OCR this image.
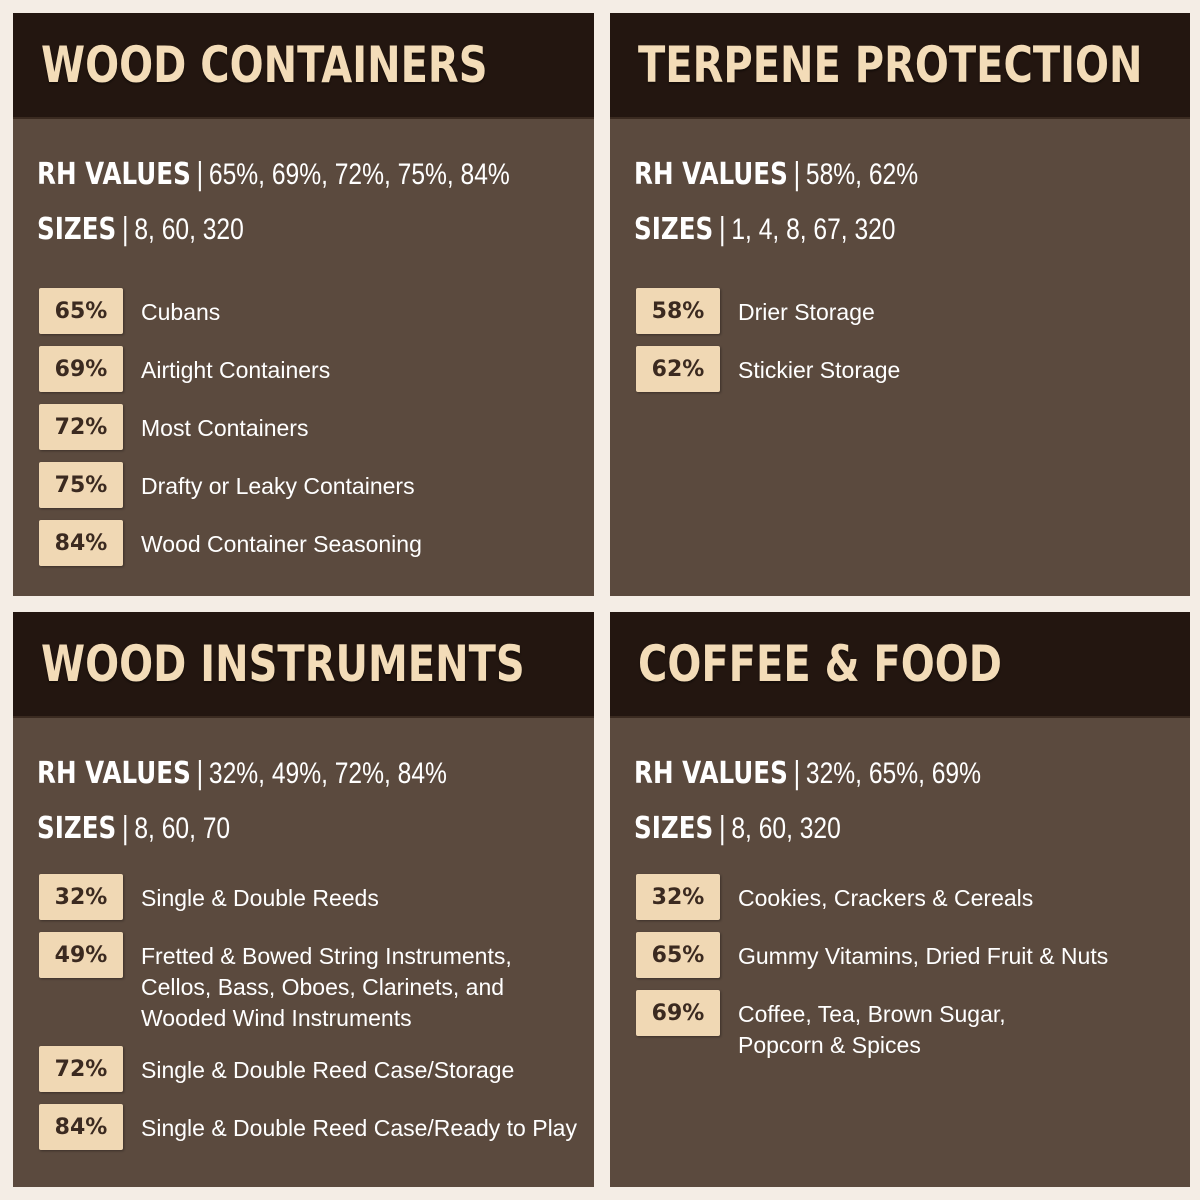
WOOD CONTAINERS
RH VALUES | 65%, 69%, 72%, 75%, 84%
SIZES | 8, 60, 320
65%	Cubans
69%	Airtight Containers
72%	Most Containers
75%	Drafty or Leaky Containers
84%	Wood Container Seasoning
TERPENE PROTECTION
RH VALUES | 58%, 62%
SIZES | 1, 4, 8, 67, 320
58%	Drier Storage
62%	Stickier Storage
WOOD INSTRUMENTS
RH VALUES | 32%, 49%, 72%, 84%
SIZES | 8, 60, 70
32%	Single & Double Reeds
49%	Fretted & Bowed String Instruments,
Cellos, Bass, Oboes, Clarinets, and
Wooded Wind Instruments
72%	Single & Double Reed Case/Storage
84%	Single & Double Reed Case/Ready to Play
COFFEE & FOOD
RH VALUES | 32%, 65%, 69%
SIZES | 8, 60, 320
32%	Cookies, Crackers & Cereals
65%	Gummy Vitamins, Dried Fruit & Nuts
69%	Coffee, Tea, Brown Sugar,
Popcorn & Spices
